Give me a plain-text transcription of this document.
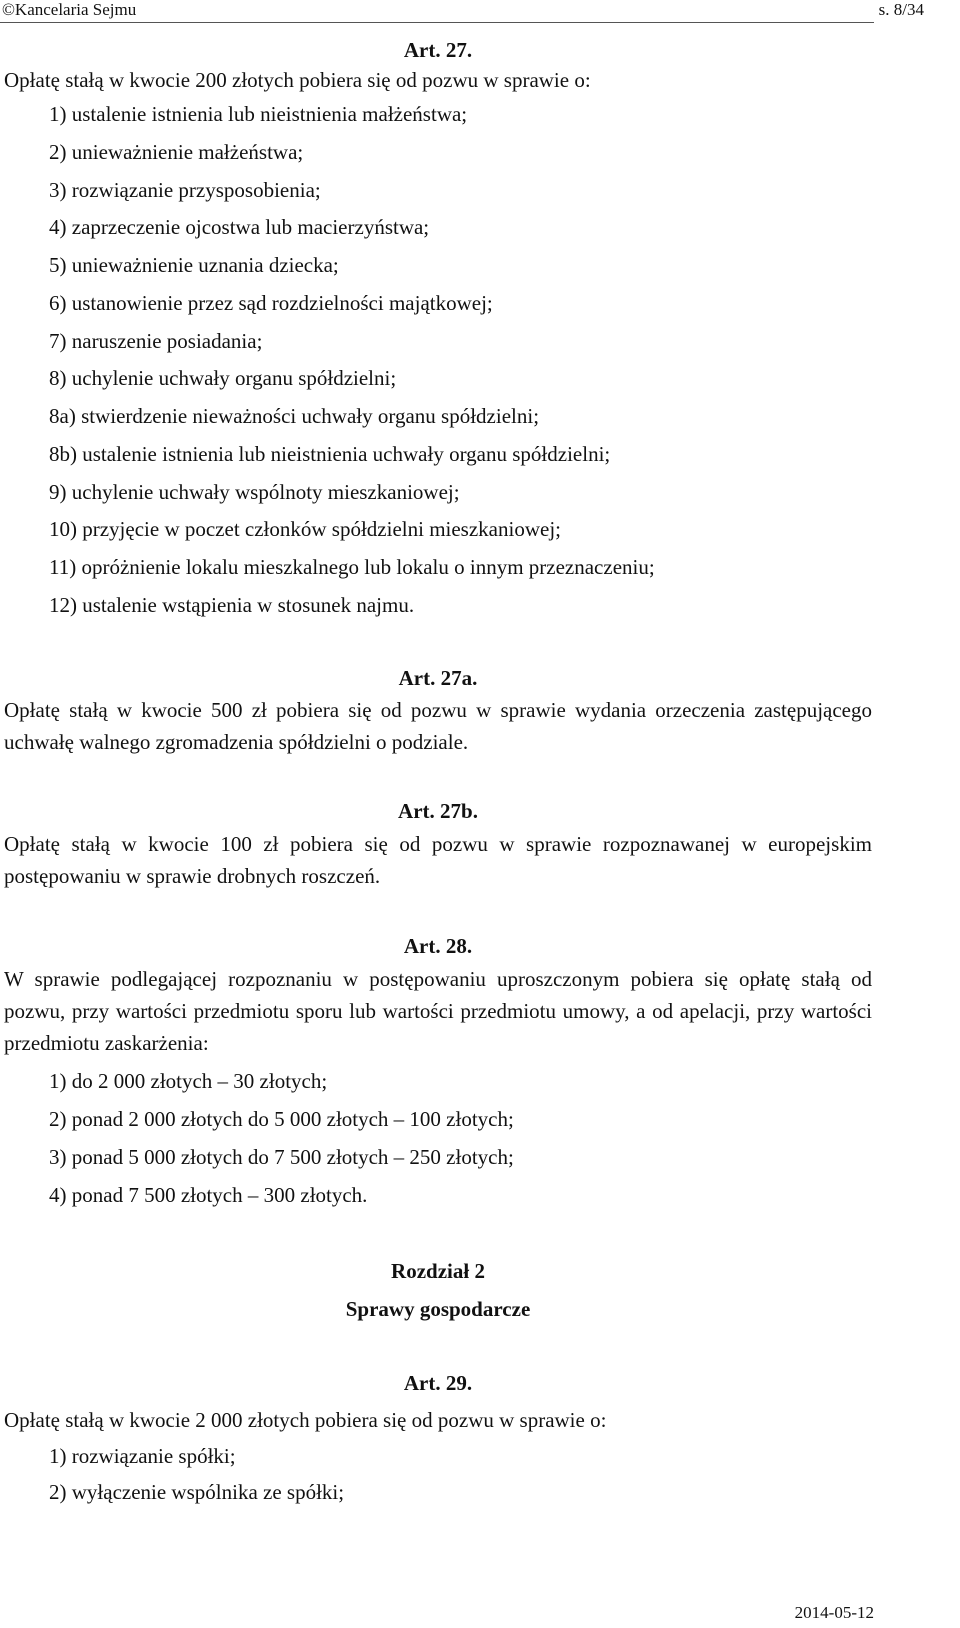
©Kancelaria Sejmu	s. 8/34
Art. 27.
Opłatę stałą w kwocie 200 złotych pobiera się od pozwu w sprawie o:
1) ustalenie istnienia lub nieistnienia małżeństwa;
2) unieważnienie małżeństwa;
3) rozwiązanie przysposobienia;
4) zaprzeczenie ojcostwa lub macierzyństwa;
5) unieważnienie uznania dziecka;
6) ustanowienie przez sąd rozdzielności majątkowej;
7) naruszenie posiadania;
8) uchylenie uchwały organu spółdzielni;
8a) stwierdzenie nieważności uchwały organu spółdzielni;
8b) ustalenie istnienia lub nieistnienia uchwały organu spółdzielni;
9) uchylenie uchwały wspólnoty mieszkaniowej;
10) przyjęcie w poczet członków spółdzielni mieszkaniowej;
11) opróżnienie lokalu mieszkalnego lub lokalu o innym przeznaczeniu;
12) ustalenie wstąpienia w stosunek najmu.
Art. 27a.
Opłatę stałą w kwocie 500 zł pobiera się od pozwu w sprawie wydania orzeczenia zastępującego uchwałę walnego zgromadzenia spółdzielni o podziale.
Art. 27b.
Opłatę stałą w kwocie 100 zł pobiera się od pozwu w sprawie rozpoznawanej w europejskim postępowaniu w sprawie drobnych roszczeń.
Art. 28.
W sprawie podlegającej rozpoznaniu w postępowaniu uproszczonym pobiera się opłatę stałą od pozwu, przy wartości przedmiotu sporu lub wartości przedmiotu umowy, a od apelacji, przy wartości przedmiotu zaskarżenia:
1) do 2 000 złotych – 30 złotych;
2) ponad 2 000 złotych do 5 000 złotych – 100 złotych;
3) ponad 5 000 złotych do 7 500 złotych – 250 złotych;
4) ponad 7 500 złotych – 300 złotych.
Rozdział 2
Sprawy gospodarcze
Art. 29.
Opłatę stałą w kwocie 2 000 złotych pobiera się od pozwu w sprawie o:
1) rozwiązanie spółki;
2) wyłączenie wspólnika ze spółki;
2014-05-12
